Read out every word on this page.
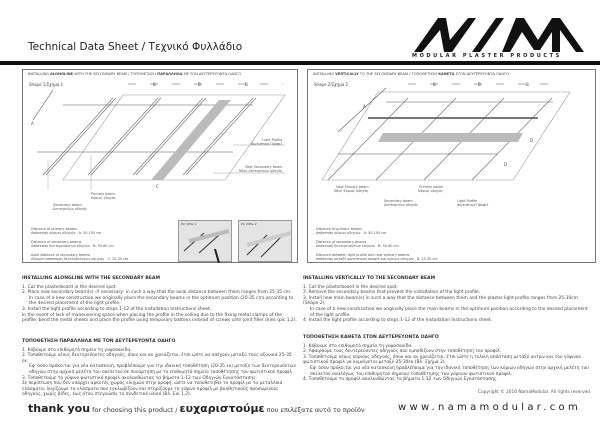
Technical Data Sheet / Τεχνικό Φυλλάδιο
MODULAR PLASTER PRODUCTS
INSTALLING ALONGLINE WITH THE SECONDARY BEAM / ΤΟΠΟΘΕΤΗΣΗ ΠΑΡΑΛΛΗΛΑ ΜΕ ΤΟΝ ΔΕΥΤΕΡΕΥΟΝΤΑ ΟΔΗΓΟ
Shape 1/Σχήμα 1
A
B	B	B
C
Light Profile
Φωτιστικό Προφίλ
New Secondary beam
Νέος δευτερεύων οδηγός
Primary beam
Κύριος οδηγός
Secondary beam
Δευτερεύων οδηγός
Distance of primary beams
Απόσταση κύριων οδηγών A: 50-100 cm
Distance of secondary beams
Απόσταση δευτερευόντων οδηγών B: 50-60 cm
Axial distance of secondary beams
Αξονική απόσταση δευτερευόντων οδηγών C: 25-35 cm
Pic 1/Εικ 1	Pic 2/Εικ 2
INSTALLING VERTICALLY TO THE SECONDARY BEAM / ΤΟΠΟΘΕΤΗΣΗ ΚΑΘΕΤΑ ΣΤΟΝ ΔΕΥΤΕΡΕΥΟΝΤΑ ΟΔΗΓΟ
Shape 2/Σχήμα 2
A
B	B	B
D
D
New Primary beam
Νέος Κύριος οδηγός
Primary beam
Κύριος οδηγός
Secondary beam
Δευτερεύων οδηγός
Light Profile
Φωτιστικό Προφίλ
Distance of primary beams
Απόσταση κύριων οδηγών A: 50-100 cm
Distance of secondary beams
Απόσταση δευτερευόντων οδηγών B: 50-60 cm
Distance between light profile and new primary beams
Απόσταση μεταξύ φωτιστικού προφίλ και κύριων οδηγών D: 25-30 cm
INSTALLING ALONGLINE WITH THE SECONDARY BEAM

1. Cut the plasterboard in the desired spot.

2. Place new secondary beam(s) -if necessary- in such a way that the axial distance between them ranges from 25-35 cm.

In case of a new construction we originally place the secondary beams in the optimum position (20-35 cm) according to the desired placement of the light profile.

3. Install the light profile according to steps 1-12 of the Installation Instructions sheet.

In the event of lack of maneuvering space when placing the profile in the ceiling due to the fixing metal clamps of the profile, bend the metal sheets and place the profile using temporary battens instead of screws until joint filler dries (pic 1,2).

ΤΟΠΟΘΕΤΗΣΗ ΠΑΡΑΛΛΗΛΑ ΜΕ ΤΟΝ ΔΕΥΤΕΡΕΥΟΝΤΑ ΟΔΗΓΟ

1. Κόβουμε στο επιθυμητό σημείο τη γυψοσανίδα.

2. Τοποθετούμε νέους δευτερεύοντες οδηγούς, όπου και αν χρειάζεται, έτσι ώστε να απέχουν μεταξύ τους αξονικά 25-35 εκ.

Εφ' όσον πρόκειται για νέα κατασκευή, προβλέπουμε για την ιδανική τοποθέτηση (20-35 εκ) μεταξύ των δευτερευόντων οδηγών στην αρχική μελέτη του σκελετού σε συνάρτηση με το επιθυμητό σημείο τοποθέτησης του φωτιστικού προφίλ.

3. Τοποθετούμε το γύψινο φωτιστικό προφίλ ακολουθώντας τα βήματα 1-12 των Οδηγιών Εγκατάστασης.

Σε περίπτωση που δεν υπάρχει αρκετός χώρος ελιγμών στην οροφή, ώστε να τοποθετηθεί το προφίλ με τα μεταλλικά ελάσματα, λυγίζουμε τα ελάσματα που εγκλωβίζουν και στηρίζουμε το γύψινο προφίλ με βοηθητικούς προσωρινούς οδηγούς, χωρίς βίδες, έως ότου στεγνώσει το συνδετικό υλικό (Βλ. Εικ 1,2).

INSTALLING VERTICALLY TO THE SECONDARY BEAM

1. Cut the plasterboard in the desired spot.

2. Remove the secondary beams that prevent the installation of the light profile.

3. Install new main beam(s) in such a way that the distance between them and the plaster light profile ranges from 25-30cm (Shape 2).

In case of a new construction we originally place the main beams in the optimum position according to the desired placement of the light profile.

4. Install the light profile according to steps 1-12 of the Installation Instructions sheet.

ΤΟΠΟΘΕΤΗΣΗ ΚΑΘΕΤΑ ΣΤΟΝ ΔΕΥΤΕΡΕΥΟΝΤΑ ΟΔΗΓΟ

1. Κόβουμε στο επιθυμητό σημείο τη γυψοσανίδα.

2. Αφαιρούμε τους δευτερεύοντες οδηγούς που εμποδίζουν στην τοποθέτηση του προφίλ.

3. Τοποθετούμε νέους κύριους οδηγούς, όπου και αν χρειάζεται, έτσι ώστε η τελική απόσταση μεταξύ αυτών και του γύψινου φωτιστικού προφίλ να κυμαίνεται μεταξύ 25-30εκ (Βλ. Σχήμα 2).

Εφ' όσον πρόκειται για νέα κατασκευή προβλέπουμε για την ιδανική τοποθέτηση των κύριων οδηγών στην αρχική μελέτη του σκελετού αναλόγως του επιθυμητού σημείου τοποθέτησης του γύψινου φωτιστικού προφίλ.

4. Τοποθετούμε το προφίλ ακολουθώντας τα βήματα 1-12 των Οδηγιών Εγκατάστασης.

Copyright © 2016 NamaModular. All rights reserved
thank you for choosing this product / ευχαριστούμε που επιλέξατε αυτό το προϊόν	www.namamodular.com
